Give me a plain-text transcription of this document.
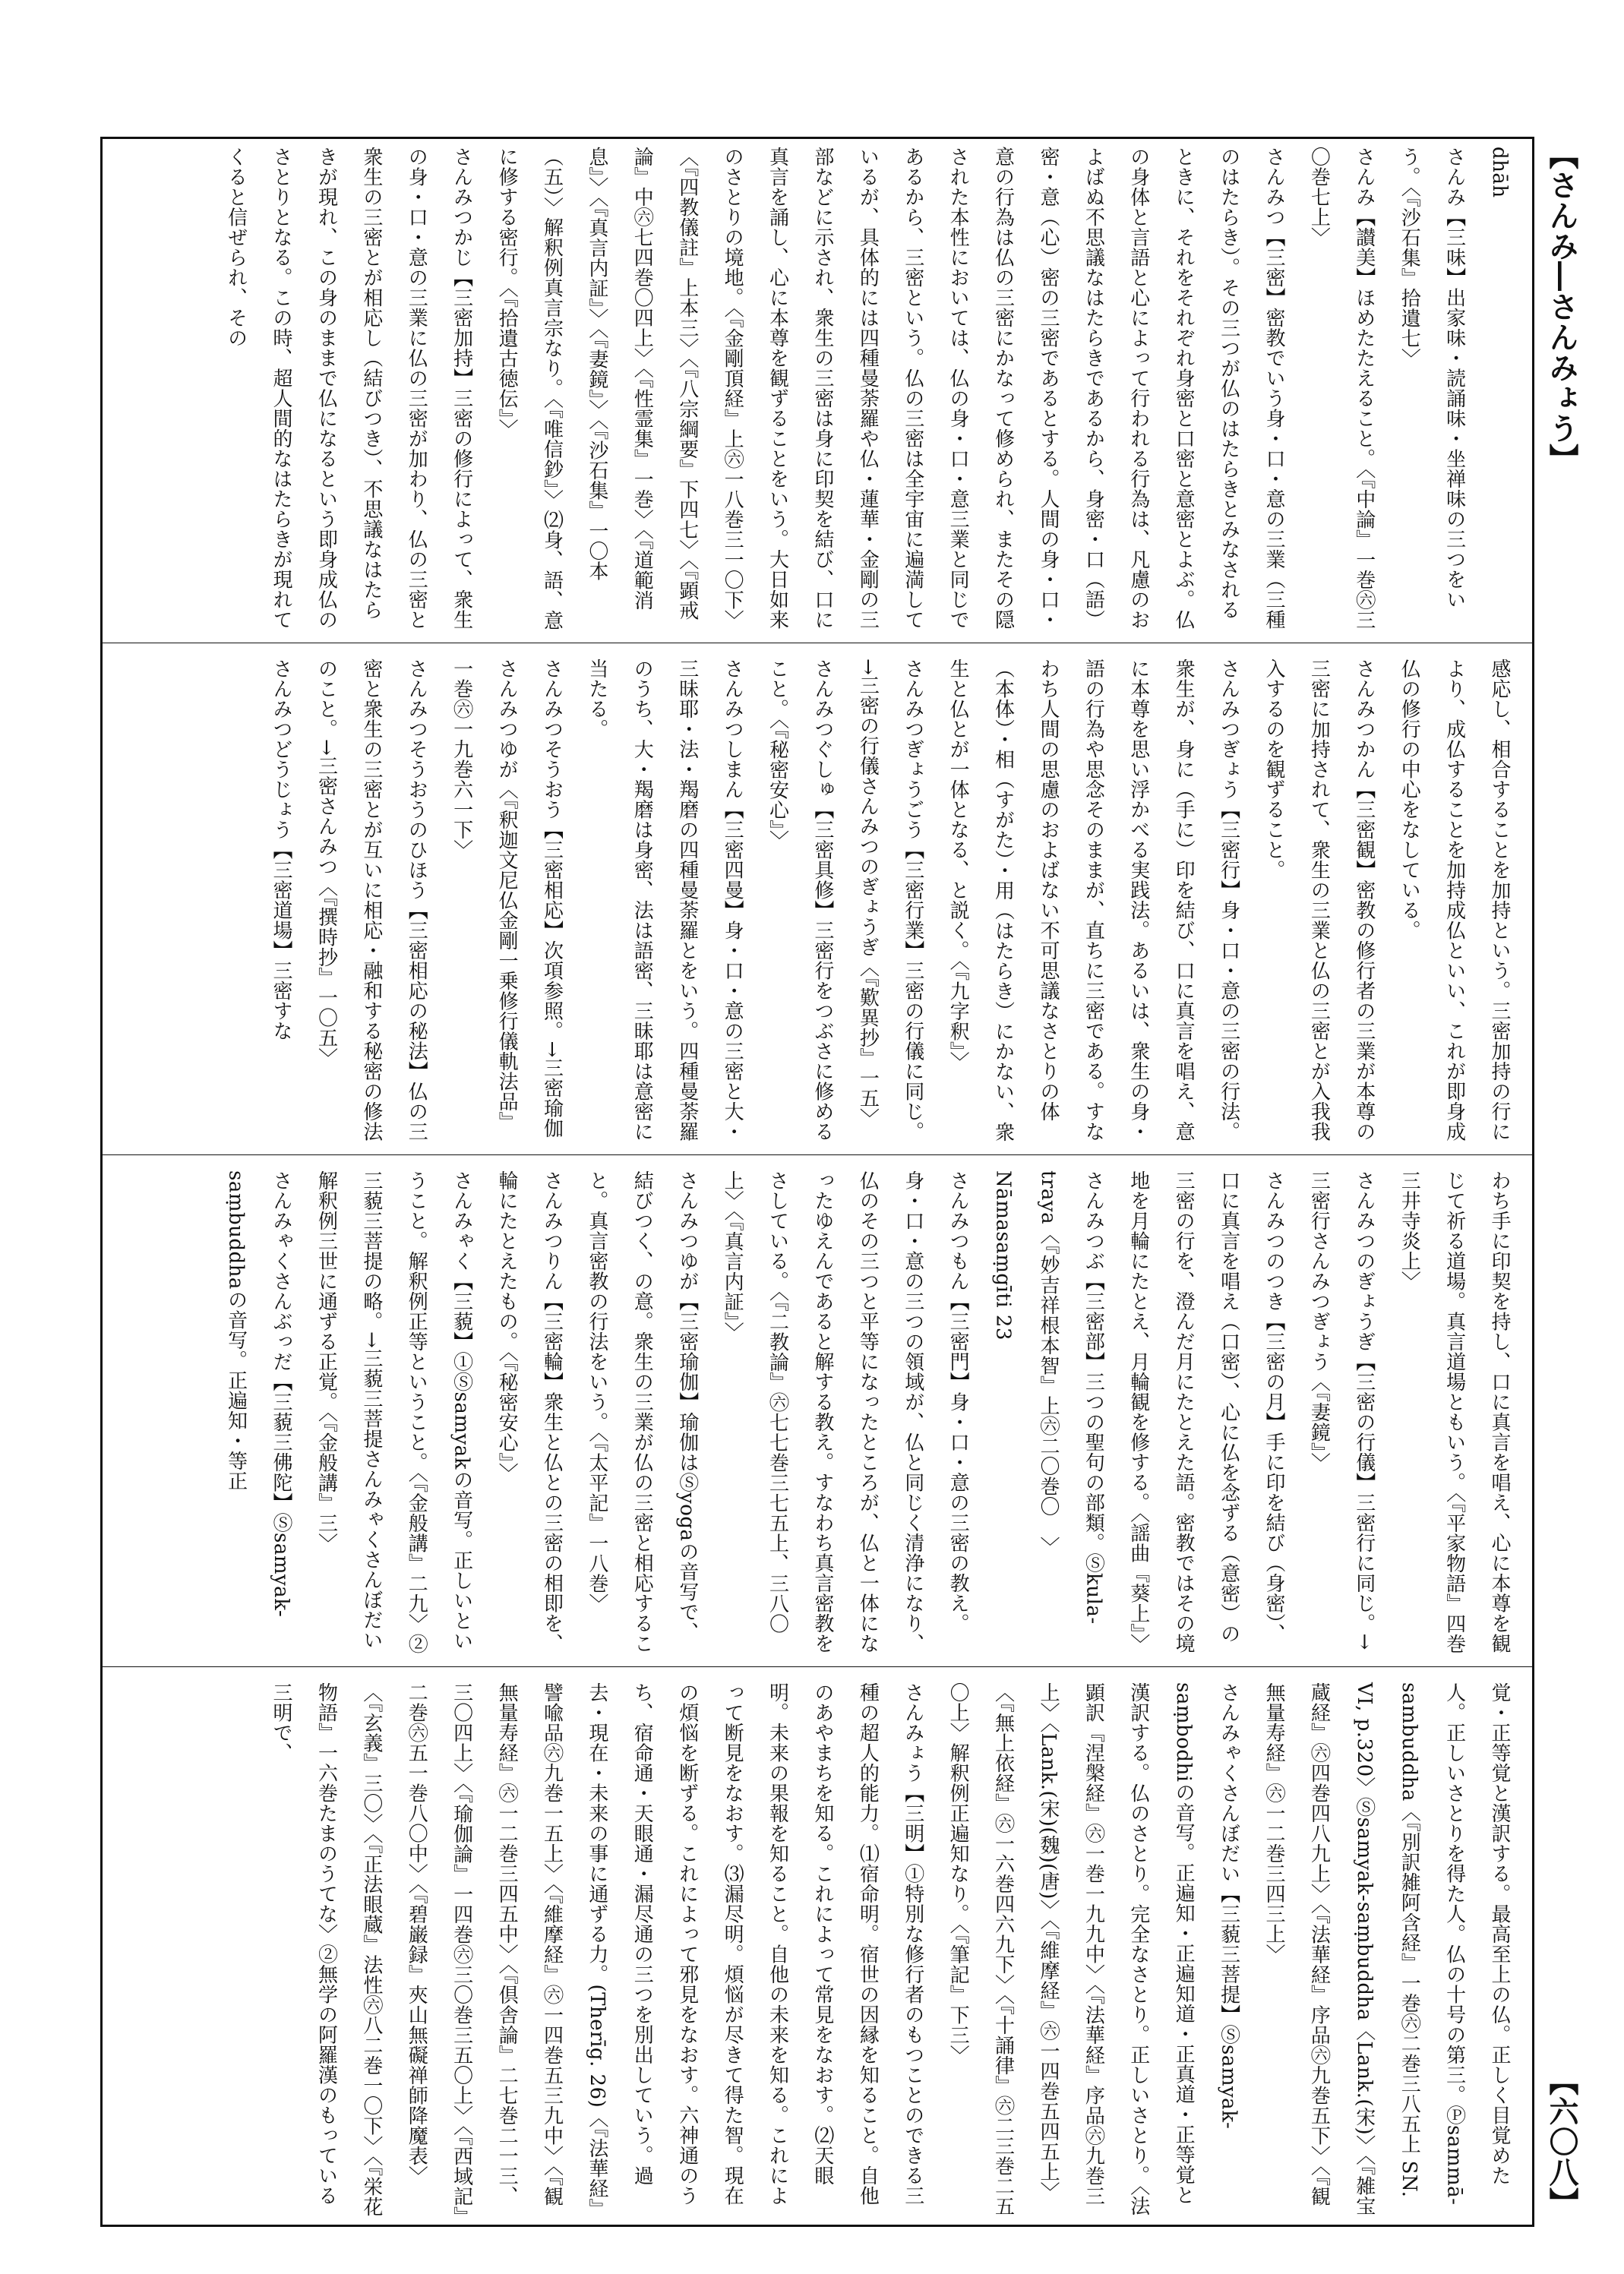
【さんみ―さんみょう】
【六〇八】

dhāh

さんみ【三味】出家味・読誦味・坐禅味の三つをいう。〈『沙石集』拾遺七〉

さんみ【讃美】ほめたたえること。〈『中論』一巻㊅三〇巻七上〉

さんみつ【三密】密教でいう身・口・意の三業（三種のはたらき）。その三つが仏のはたらきとみなされるときに、それをそれぞれ身密と口密と意密とよぶ。仏の身体と言語と心によって行われる行為は、凡慮のおよばぬ不思議なはたらきであるから、身密・口（語）密・意（心）密の三密であるとする。人間の身・口・意の行為は仏の三密にかなって修められ、またその隠された本性においては、仏の身・口・意三業と同じであるから、三密という。仏の三密は全宇宙に遍満しているが、具体的には四種曼荼羅や仏・蓮華・金剛の三部などに示され、衆生の三密は身に印契を結び、口に真言を誦し、心に本尊を観ずることをいう。大日如来のさとりの境地。〈『金剛頂経』上㊅一八巻三一〇下〉〈『四教儀註』上本三〉〈『八宗綱要』下四七〉〈『顕戒論』中㊅七四巻〇四上〉〈『性霊集』一巻〉〈『道範消息』〉〈『真言内証』〉〈『妻鏡』〉〈『沙石集』一〇本（五）〉解釈例真言宗なり。〈『唯信鈔』〉⑵身、語、意に修する密行。〈『拾遺古徳伝』〉

さんみつかじ【三密加持】三密の修行によって、衆生の身・口・意の三業に仏の三密が加わり、仏の三密と衆生の三密とが相応し（結びつき）、不思議なはたらきが現れ、この身のままで仏になるという即身成仏のさとりとなる。この時、超人間的なはたらきが現れてくると信ぜられ、その

感応し、相合することを加持という。三密加持の行により、成仏することを加持成仏といい、これが即身成仏の修行の中心をなしている。

さんみつかん【三密観】密教の修行者の三業が本尊の三密に加持されて、衆生の三業と仏の三密とが入我我入するのを観ずること。

さんみつぎょう【三密行】身・口・意の三密の行法。衆生が、身に（手に）印を結び、口に真言を唱え、意に本尊を思い浮かべる実践法。あるいは、衆生の身・語の行為や思念そのままが、直ちに三密である。すなわち人間の思慮のおよばない不可思議なさとりの体（本体）・相（すがた）・用（はたらき）にかない、衆生と仏とが一体となる、と説く。〈『九字釈』〉

さんみつぎょうごう【三密行業】三密の行儀に同じ。→三密の行儀さんみつのぎょうぎ〈『歎異抄』一五〉

さんみつぐしゅ【三密具修】三密行をつぶさに修めること。〈『秘密安心』〉

さんみつしまん【三密四曼】身・口・意の三密と大・三昧耶・法・羯磨の四種曼荼羅とをいう。四種曼荼羅のうち、大・羯磨は身密、法は語密、三昧耶は意密に当たる。

さんみつそうおう【三密相応】次項参照。→三密瑜伽さんみつゆが〈『釈迦文尼仏金剛一乗修行儀軌法品』一巻㊅一九巻六一下〉

さんみつそうおうのひほう【三密相応の秘法】仏の三密と衆生の三密とが互いに相応・融和する秘密の修法のこと。→三密さんみつ〈『撰時抄』一〇五〉

さんみつどうじょう【三密道場】三密すな

わち手に印契を持し、口に真言を唱え、心に本尊を観じて祈る道場。真言道場ともいう。〈『平家物語』四巻三井寺炎上〉

さんみつのぎょうぎ【三密の行儀】三密行に同じ。→三密行さんみつぎょう〈『妻鏡』〉

さんみつのつき【三密の月】手に印を結び（身密）、口に真言を唱え（口密）、心に仏を念ずる（意密）の三密の行を、澄んだ月にたとえた語。密教ではその境地を月輪にたとえ、月輪観を修する。〈謡曲『葵上』〉

さんみつぶ【三密部】三つの聖句の部類。Ⓢkula-traya〈『妙吉祥根本智』上㊅二〇巻〇　〉 Nāmasaṃgīti 23

さんみつもん【三密門】身・口・意の三密の教え。身・口・意の三つの領域が、仏と同じく清浄になり、仏のその三つと平等になったところが、仏と一体になったゆえんであると解する教え。すなわち真言密教をさしている。〈『二教論』㊅七七巻三七五上、三八〇上〉〈『真言内証』〉

さんみつゆが【三密瑜伽】瑜伽はⓈyogaの音写で、結びつく、の意。衆生の三業が仏の三密と相応すること。真言密教の行法をいう。〈『太平記』一八巻〉

さんみつりん【三密輪】衆生と仏との三密の相即を、輪にたとえたもの。〈『秘密安心』〉

さんみゃく【三藐】①Ⓢsamyakの音写。正しいということ。解釈例正等ということ。〈『金般講』二九〉②三藐三菩提の略。→三藐三菩提さんみゃくさんぼだい解釈例三世に通ずる正覚。〈『金般講』三〉

さんみゃくさんぶっだ【三藐三佛陀】Ⓢsamyak-saṃbuddhaの音写。正遍知・等正

覚・正等覚と漢訳する。最高至上の仏。正しく目覚めた人。正しいさとりを得た人。仏の十号の第三。Ⓟsammā-sambuddha〈『別訳雑阿含経』一巻㊅二巻三八五上 SN. VI, p.320〉Ⓢsamyak-saṃbuddha〈Lank.(宋)〉〈『雑宝蔵経』㊅四巻四八九上〉〈『法華経』序品㊅九巻五下〉〈『観無量寿経』㊅一二巻三四三上〉

さんみゃくさんぼだい【三藐三菩提】Ⓢsamyak-saṃbodhiの音写。正遍知・正遍知道・正真道・正等覚と漢訳する。仏のさとり。完全なさとり。正しいさとり。〈法顕訳『涅槃経』㊅一巻一九九中〉〈『法華経』序品㊅九巻三上〉〈Lank.(宋)(魏)(唐)〉〈『維摩経』㊅一四巻五四五上〉〈『無上依経』㊅一六巻四六九下〉〈『十誦律』㊅二三巻二五〇上〉解釈例正遍知なり。〈『筆記』下三〉

さんみょう【三明】①特別な修行者のもつことのできる三種の超人的能力。⑴宿命明。宿世の因縁を知ること。自他のあやまちを知る。これによって常見をなおす。⑵天眼明。未来の果報を知ること。自他の未来を知る。これによって断見をなおす。⑶漏尽明。煩悩が尽きて得た智。現在の煩悩を断ずる。これによって邪見をなおす。六神通のうち、宿命通・天眼通・漏尽通の三つを別出していう。過去・現在・未来の事に通ずる力。(Therīg. 26)〈『法華経』譬喩品㊅九巻一五上〉〈『維摩経』㊅一四巻五三九中〉〈『観無量寿経』㊅一二巻三四五中〉〈『倶舎論』二七巻二一三、三〇四上〉〈『瑜伽論』一四巻㊅三〇巻三五〇上〉〈『西域記』二巻㊅五一巻八〇中〉〈『碧巌録』夾山無礙禅師降魔表〉〈『玄義』三〇〉〈『正法眼蔵』法性㊅八二巻一〇下〉〈『栄花物語』一六巻たまのうてな〉②無学の阿羅漢のもっている三明で、
